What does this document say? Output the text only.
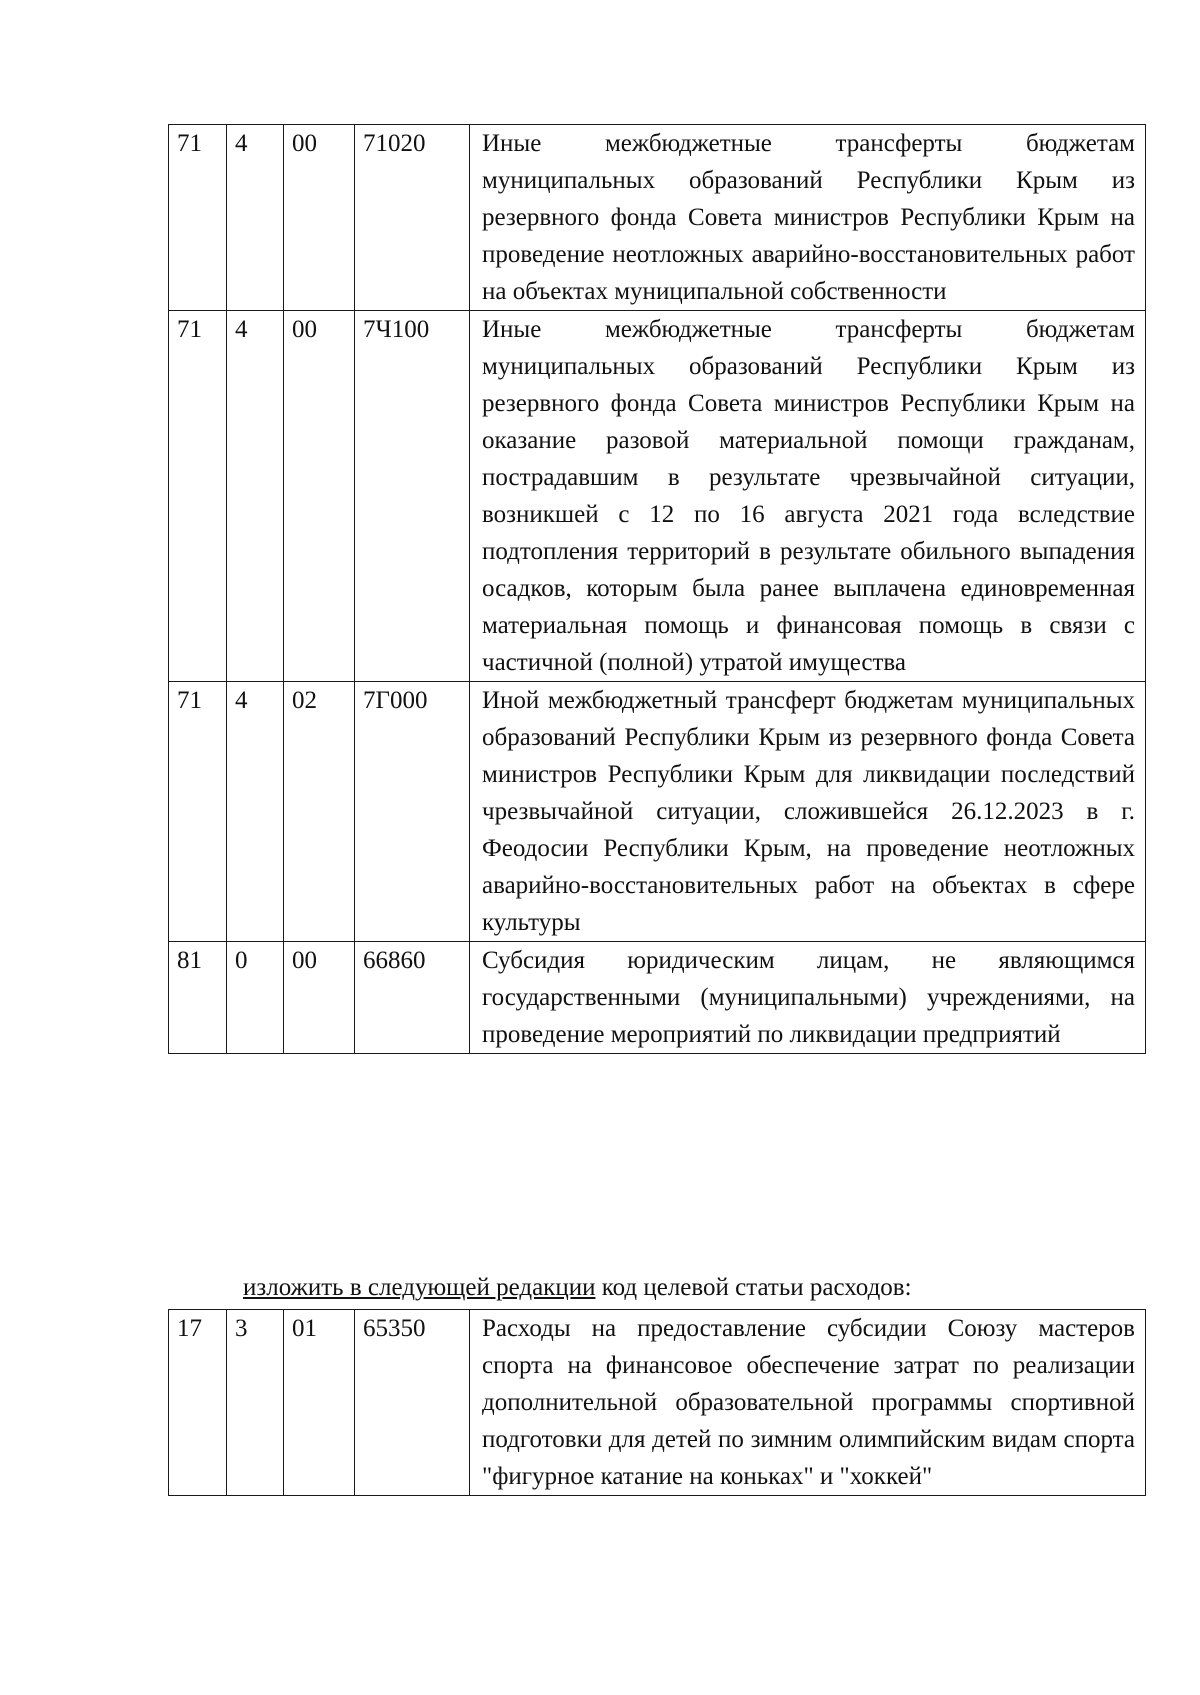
71	4	00	71020	Иные межбюджетные трансферты бюджетам муниципальных образований Республики Крым из резервного фонда Совета министров Республики Крым на проведение неотложных аварийно-восстановительных работ на объектах муниципальной собственности
71	4	00	7Ч100	Иные межбюджетные трансферты бюджетам муниципальных образований Республики Крым из резервного фонда Совета министров Республики Крым на оказание разовой материальной помощи гражданам, пострадавшим в результате чрезвычайной ситуации, возникшей с 12 по 16 августа 2021 года вследствие подтопления территорий в результате обильного выпадения осадков, которым была ранее выплачена единовременная материальная помощь и финансовая помощь в связи с частичной (полной) утратой имущества
71	4	02	7Г000	Иной межбюджетный трансферт бюджетам муниципальных образований Республики Крым из резервного фонда Совета министров Республики Крым для ликвидации последствий чрезвычайной ситуации, сложившейся 26.12.2023 в г. Феодосии Республики Крым, на проведение неотложных аварийно-восстановительных работ на объектах в сфере культуры
81	0	00	66860	Субсидия юридическим лицам, не являющимся государственными (муниципальными) учреждениями, на проведение мероприятий по ликвидации предприятий
изложить в следующей редакции код целевой статьи расходов:
17	3	01	65350	Расходы на предоставление субсидии Союзу мастеров спорта на финансовое обеспечение затрат по реализации дополнительной образовательной программы спортивной подготовки для детей по зимним олимпийским видам спорта "фигурное катание на коньках" и "хоккей"
